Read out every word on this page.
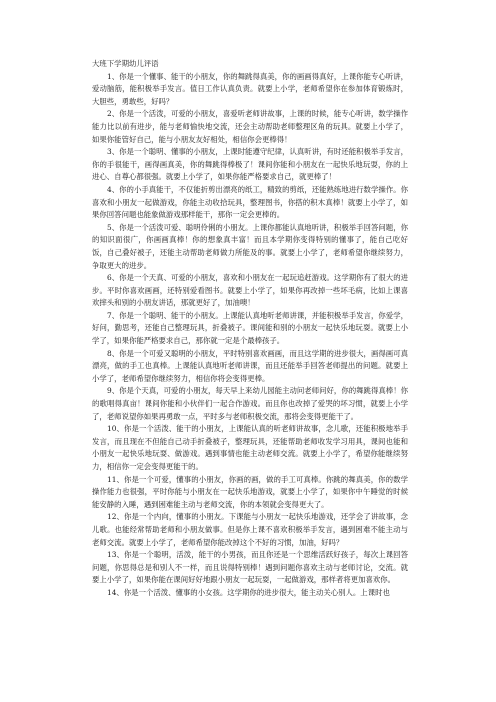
大班下学期幼儿评语

1、你是一个懂事、能干的小朋友，你的舞跳得真美，你的画画得真好，上课你能专心听讲，爱动脑筋，能积极举手发言。值日工作认真负责。就要上小学，老师希望你在参加体育锻炼时，大胆些，勇敢些，好吗？

2、你是一个活泼，可爱的小朋友，喜爱听老师讲故事，上课的时候，能专心听讲，数学操作能力比以前有进步，能与老师愉快地交流，还会主动帮助老师整理区角的玩具。就要上小学了，如果你能管好自己，能与小朋友友好相处，相信你会更棒得！

3、你是一个聪明、懂事的小朋友，上课时能遵守纪律，认真听讲，有时还能积极举手发言，你的手很能干，画得画真美，你的舞跳得棒极了！课间你能和小朋友在一起快乐地玩耍，你的上进心、自尊心都很强。就要上小学了，如果你能严格要求自己，就更棒了！

4、你的小手真能干，不仅能折剪出漂亮的纸工，精致的剪纸，还能熟练地进行数学操作。你喜欢和小朋友一起做游戏，你能主动收拾玩具，整理图书，你搭的积木真棒！就要上小学了，如果你回答问题也能象做游戏那样能干，那你一定会更棒的。

5、你是一个活泼可爱、聪明伶俐的小朋友。上课你都能认真地听讲，积极举手回答问题，你的知识面很广，你画画真棒！你的想象真丰富！而且本学期你变得特别的懂事了，能自己吃好饭，自己叠好被子，还能主动帮助老师做力所能及的事。就要上小学了，老师希望你继续努力，争取更大的进步。

6、你是一个天真、可爱的小朋友，喜欢和小朋友在一起玩追赶游戏。这学期你有了很大的进步。平时你喜欢画画，还特别爱看图书。就要上小学了，如果你再改掉一些坏毛病，比如上课喜欢摔头和别的小朋友讲话，那就更好了，加油噢！

7、你是一个聪明、能干的小朋友。上课能认真地听老师讲课，并能积极举手发言，你爱学，好问，勤思考，还能自己整理玩具，折叠被子。课间能和别的小朋友一起快乐地玩耍。就要上小学了，如果你能严格要求自己，那你就一定是个最棒孩子。

8、你是一个可爱又聪明的小朋友，平时特别喜欢画画，而且这学期的进步很大，画得画可真漂亮，做的手工也真棒。上课能认真地听老师讲课，而且还能举手回答老师提出的问题。就要上小学了，老师希望你继续努力，相信你将会变得更棒。

9、你是个天真，可爱的小朋友，每天早上来幼儿园能主动问老师问好，你的舞跳得真棒！你的歌唱得真亩！课间你能和小伙伴们一起合作游戏。而且你也改掉了爱哭的坏习惯，就要上小学了，老师说望你如果再勇敢一点，平时多与老师积极交流，那将会变得更能干了。

10、你是一个活泼、能干的小朋友，上课能认真的听老师讲故事，念儿歌，还能积极地举手发言，而且现在不但能自己动手折叠被子，整理玩具，还能帮助老师收发学习用具，课间也能和小朋友一起快乐地玩耍、做游戏。遇到事情也能主动老师交流。就要上小学了，希望你能继续努力，相信你一定会变得更能干的。

11、你是一个可爱，懂事的小朋友，你画的画，做的手工可真棒。你跳的舞真美，你的数学操作能力也很强，平时你能与小朋友在一起快乐地游戏，就要上小学了，如果你中午睡觉的时候能安静的入睡，遇到困难能主动与老师交流，你的本领就会变得更大了。

12、你是一个内向，懂事的小朋友。下课能与小朋友一起快乐地游戏，还学会了讲故事，念儿歌。也能经常帮助老师和小朋友做事。但是你上课不喜欢积极举手发言，遇到困难不能主动与老师交流。就要上小学了，老师希望你能改掉这个不好的习惯，加油，好吗？

13、你是一个聪明，活泼，能干的小男孩，而且你还是一个思维活跃好孩子，每次上课回答问题，你思得总是和别人不一样，而且说得特别棒！遇到问题你喜欢主动与老师讨论，交流。就要上小学了，如果你能在课间好好地跟小朋友一起玩耍，一起做游戏，那样者将更加喜欢你。

14、你是一个活泼、懂事的小女孩。这学期你的进步很大，能主动关心别人。上课时也
